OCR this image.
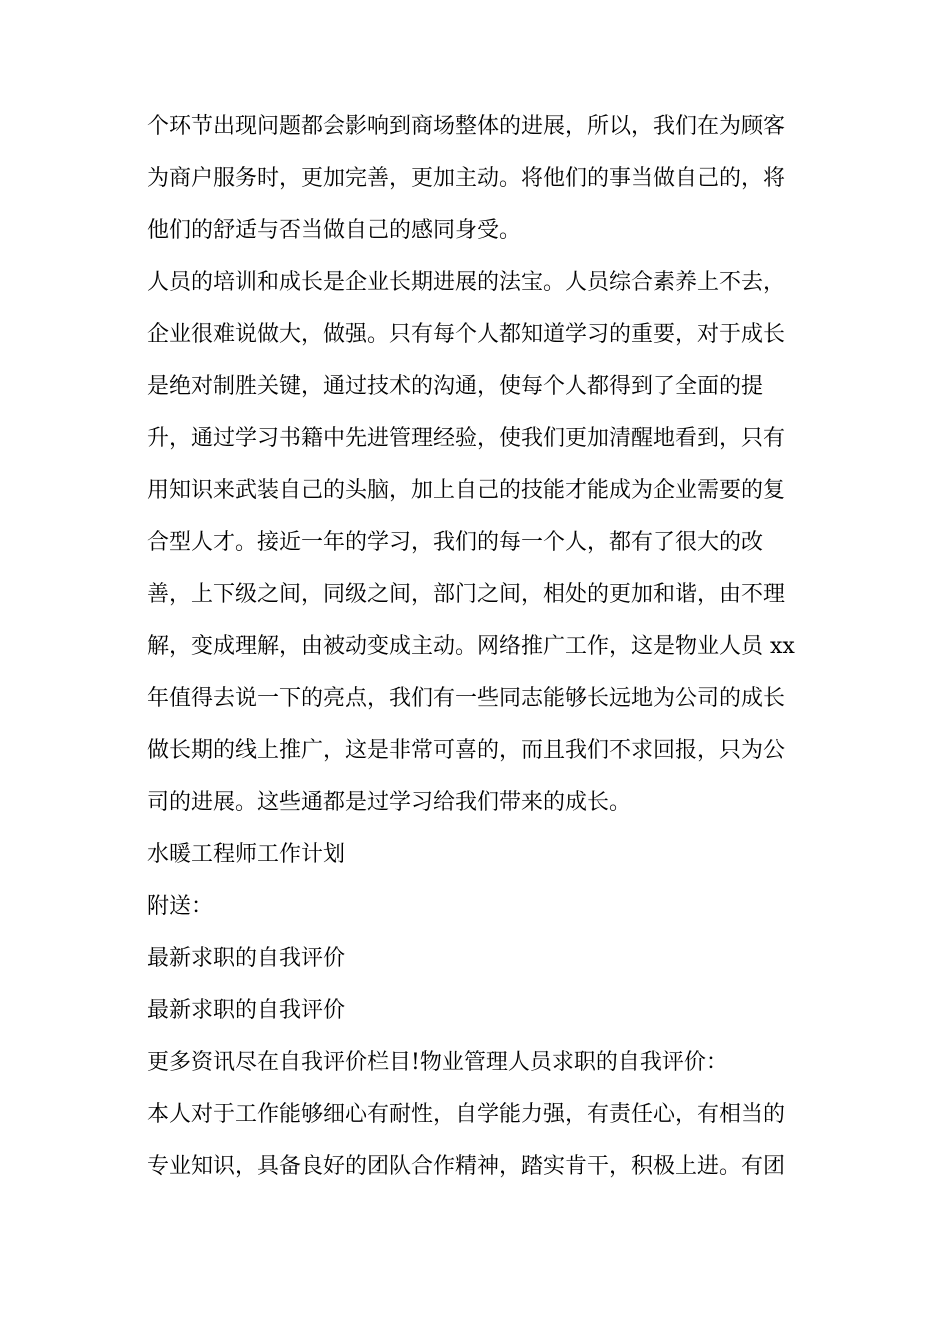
个环节出现问题都会影响到商场整体的进展，所以，我们在为顾客
为商户服务时，更加完善，更加主动。将他们的事当做自己的，将
他们的舒适与否当做自己的感同身受。
人员的培训和成长是企业长期进展的法宝。人员综合素养上不去，
企业很难说做大，做强。只有每个人都知道学习的重要，对于成长
是绝对制胜关键，通过技术的沟通，使每个人都得到了全面的提
升，通过学习书籍中先进管理经验，使我们更加清醒地看到，只有
用知识来武装自己的头脑，加上自己的技能才能成为企业需要的复
合型人才。接近一年的学习，我们的每一个人，都有了很大的改
善，上下级之间，同级之间，部门之间，相处的更加和谐，由不理
解，变成理解，由被动变成主动。网络推广工作，这是物业人员 xx
年值得去说一下的亮点，我们有一些同志能够长远地为公司的成长
做长期的线上推广，这是非常可喜的，而且我们不求回报，只为公
司的进展。这些通都是过学习给我们带来的成长。
水暖工程师工作计划
附送：
最新求职的自我评价
最新求职的自我评价
更多资讯尽在自我评价栏目!物业管理人员求职的自我评价：
本人对于工作能够细心有耐性，自学能力强，有责任心，有相当的
专业知识，具备良好的团队合作精神，踏实肯干，积极上进。有团
